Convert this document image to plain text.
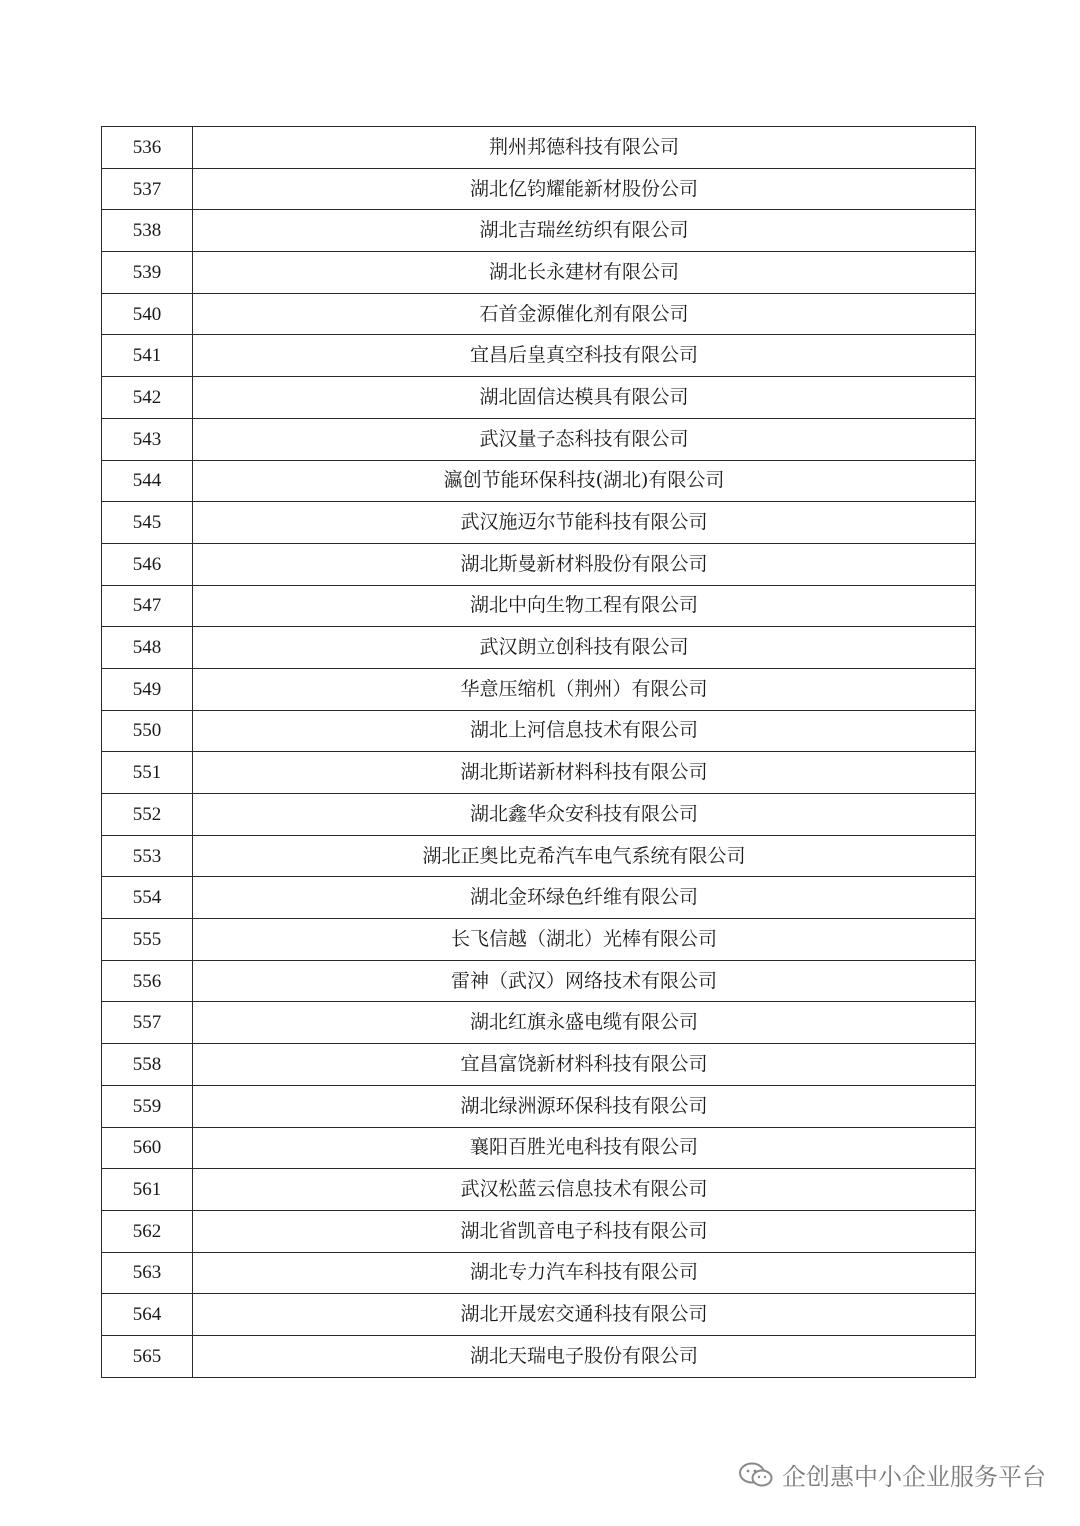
536	荆州邦德科技有限公司
537	湖北亿钧耀能新材股份公司
538	湖北吉瑞丝纺织有限公司
539	湖北长永建材有限公司
540	石首金源催化剂有限公司
541	宜昌后皇真空科技有限公司
542	湖北固信达模具有限公司
543	武汉量子态科技有限公司
544	瀛创节能环保科技(湖北)有限公司
545	武汉施迈尔节能科技有限公司
546	湖北斯曼新材料股份有限公司
547	湖北中向生物工程有限公司
548	武汉朗立创科技有限公司
549	华意压缩机（荆州）有限公司
550	湖北上河信息技术有限公司
551	湖北斯诺新材料科技有限公司
552	湖北鑫华众安科技有限公司
553	湖北正奥比克希汽车电气系统有限公司
554	湖北金环绿色纤维有限公司
555	长飞信越（湖北）光棒有限公司
556	雷神（武汉）网络技术有限公司
557	湖北红旗永盛电缆有限公司
558	宜昌富饶新材料科技有限公司
559	湖北绿洲源环保科技有限公司
560	襄阳百胜光电科技有限公司
561	武汉松蓝云信息技术有限公司
562	湖北省凯音电子科技有限公司
563	湖北专力汽车科技有限公司
564	湖北开晟宏交通科技有限公司
565	湖北天瑞电子股份有限公司
企创惠中小企业服务平台
